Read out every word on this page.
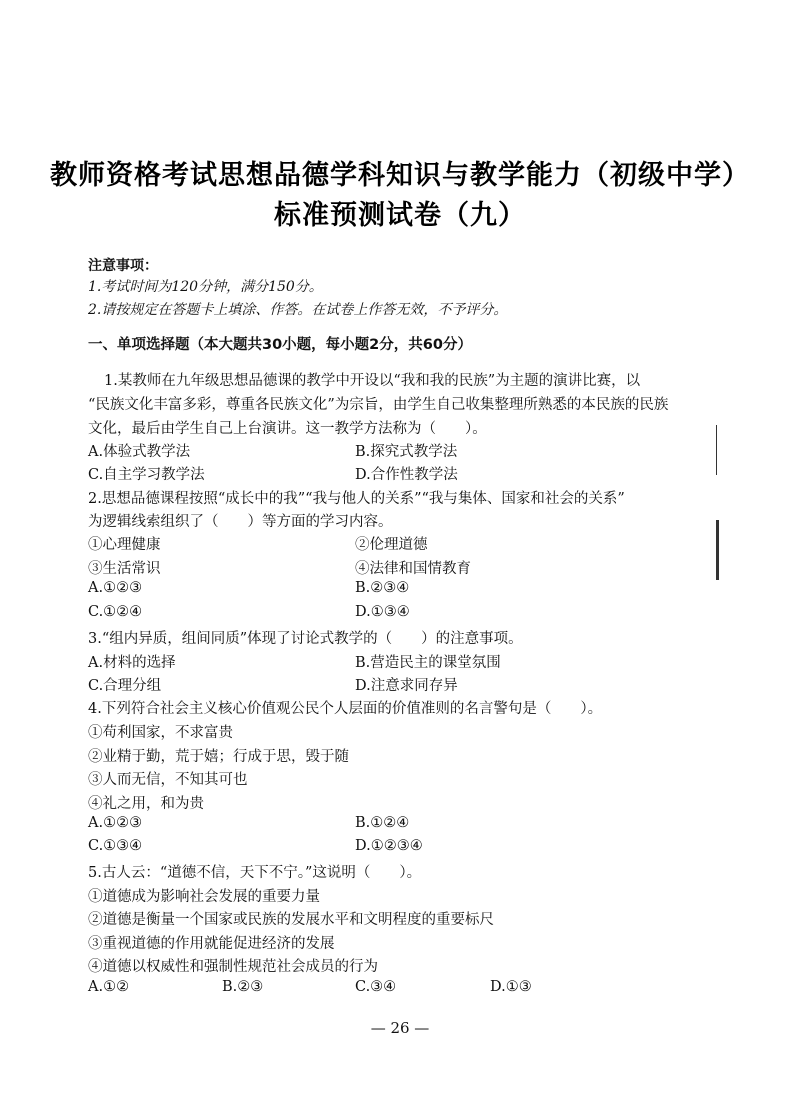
教师资格考试思想品德学科知识与教学能力（初级中学）
标准预测试卷（九）
注意事项：
1.考试时间为120分钟，满分150分。
2.请按规定在答题卡上填涂、作答。在试卷上作答无效，不予评分。
一、单项选择题（本大题共30小题，每小题2分，共60分）
1.某教师在九年级思想品德课的教学中开设以“我和我的民族”为主题的演讲比赛，以
“民族文化丰富多彩，尊重各民族文化”为宗旨，由学生自己收集整理所熟悉的本民族的民族
文化，最后由学生自己上台演讲。这一教学方法称为（　　）。
A.体验式教学法	B.探究式教学法
C.自主学习教学法	D.合作性教学法
2.思想品德课程按照“成长中的我”“我与他人的关系”“我与集体、国家和社会的关系”
为逻辑线索组织了（　　）等方面的学习内容。
①心理健康	②伦理道德
③生活常识	④法律和国情教育
A.①②③	B.②③④
C.①②④	D.①③④
3.“组内异质，组间同质”体现了讨论式教学的（　　）的注意事项。
A.材料的选择	B.营造民主的课堂氛围
C.合理分组	D.注意求同存异
4.下列符合社会主义核心价值观公民个人层面的价值准则的名言警句是（　　）。
①苟利国家，不求富贵
②业精于勤，荒于嬉；行成于思，毁于随
③人而无信，不知其可也
④礼之用，和为贵
A.①②③	B.①②④
C.①③④	D.①②③④
5.古人云：“道德不信，天下不宁。”这说明（　　）。
①道德成为影响社会发展的重要力量
②道德是衡量一个国家或民族的发展水平和文明程度的重要标尺
③重视道德的作用就能促进经济的发展
④道德以权威性和强制性规范社会成员的行为
A.①②	B.②③	C.③④	D.①③
— 26 —
